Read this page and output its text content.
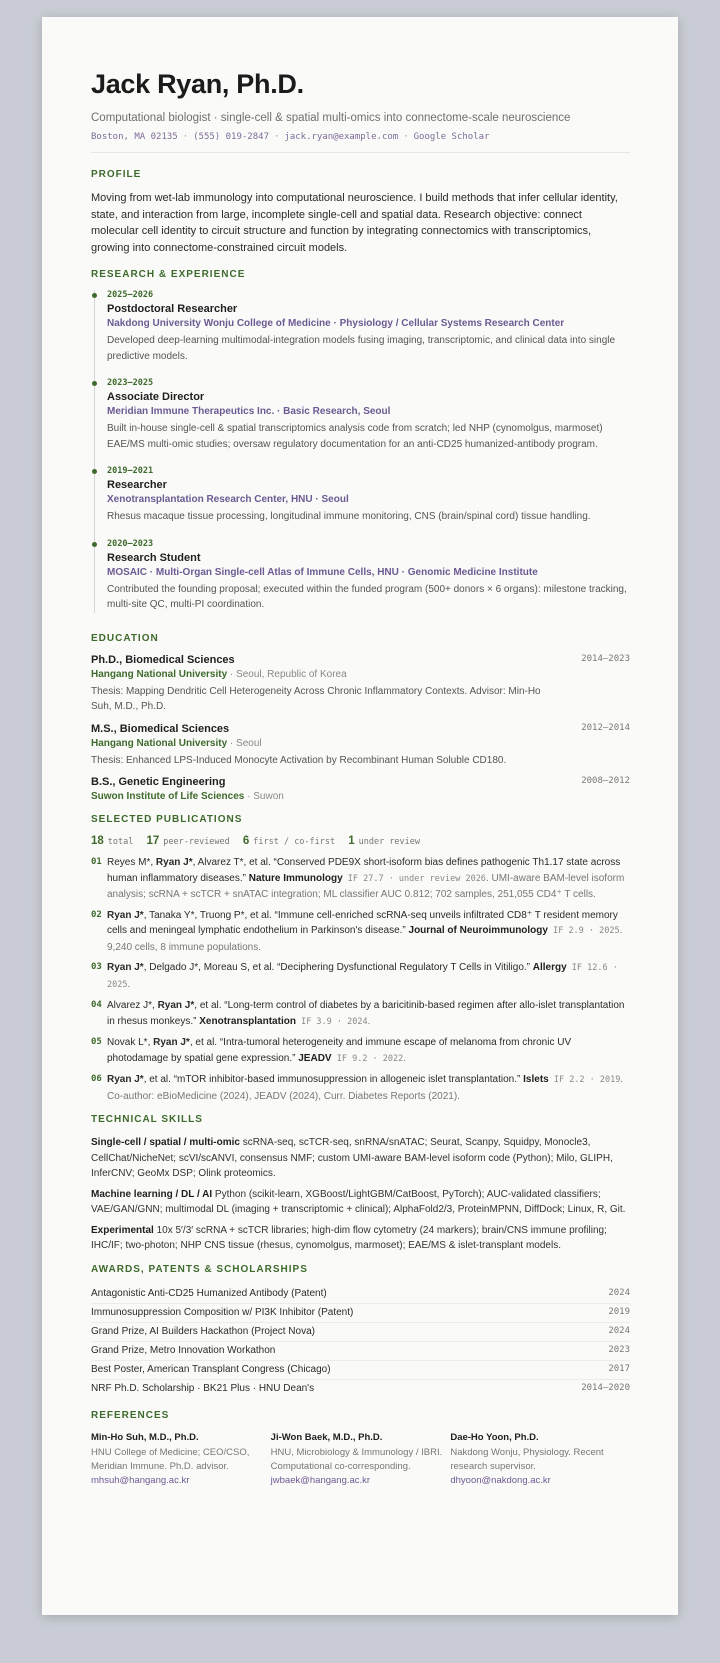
Jack Ryan, Ph.D.
Computational biologist · single-cell & spatial multi-omics into connectome-scale neuroscience
Boston, MA 02135 · (555) 019-2847 · jack.ryan@example.com · Google Scholar
PROFILE
Moving from wet-lab immunology into computational neuroscience. I build methods that infer cellular identity, state, and interaction from large, incomplete single-cell and spatial data. Research objective: connect molecular cell identity to circuit structure and function by integrating connectomics with transcriptomics, growing into connectome-constrained circuit models.
RESEARCH & EXPERIENCE
2025–2026
Postdoctoral Researcher
Nakdong University Wonju College of Medicine · Physiology / Cellular Systems Research Center
Developed deep-learning multimodal-integration models fusing imaging, transcriptomic, and clinical data into single predictive models.
2023–2025
Associate Director
Meridian Immune Therapeutics Inc. · Basic Research, Seoul
Built in-house single-cell & spatial transcriptomics analysis code from scratch; led NHP (cynomolgus, marmoset) EAE/MS multi-omic studies; oversaw regulatory documentation for an anti-CD25 humanized-antibody program.
2019–2021
Researcher
Xenotransplantation Research Center, HNU · Seoul
Rhesus macaque tissue processing, longitudinal immune monitoring, CNS (brain/spinal cord) tissue handling.
2020–2023
Research Student
MOSAIC · Multi-Organ Single-cell Atlas of Immune Cells, HNU · Genomic Medicine Institute
Contributed the founding proposal; executed within the funded program (500+ donors × 6 organs): milestone tracking, multi-site QC, multi-PI coordination.
EDUCATION
Ph.D., Biomedical Sciences	2014–2023
Hangang National University · Seoul, Republic of Korea
Thesis: Mapping Dendritic Cell Heterogeneity Across Chronic Inflammatory Contexts. Advisor: Min-Ho Suh, M.D., Ph.D.
M.S., Biomedical Sciences	2012–2014
Hangang National University · Seoul
Thesis: Enhanced LPS-Induced Monocyte Activation by Recombinant Human Soluble CD180.
B.S., Genetic Engineering	2008–2012
Suwon Institute of Life Sciences · Suwon
SELECTED PUBLICATIONS
18 total 17 peer-reviewed 6 first / co-first 1 under review
01 Reyes M*, Ryan J*, Alvarez T*, et al. “Conserved PDE9X short-isoform bias defines pathogenic Th1.17 state across human inflammatory diseases.” Nature Immunology IF 27.7 · under review 2026. UMI-aware BAM-level isoform analysis; scRNA + scTCR + snATAC integration; ML classifier AUC 0.812; 702 samples, 251,055 CD4⁺ T cells.
02 Ryan J*, Tanaka Y*, Truong P*, et al. “Immune cell-enriched scRNA-seq unveils infiltrated CD8⁺ T resident memory cells and meningeal lymphatic endothelium in Parkinson's disease.” Journal of Neuroimmunology IF 2.9 · 2025. 9,240 cells, 8 immune populations.
03 Ryan J*, Delgado J*, Moreau S, et al. “Deciphering Dysfunctional Regulatory T Cells in Vitiligo.” Allergy IF 12.6 · 2025.
04 Alvarez J*, Ryan J*, et al. “Long-term control of diabetes by a baricitinib-based regimen after allo-islet transplantation in rhesus monkeys.” Xenotransplantation IF 3.9 · 2024.
05 Novak L*, Ryan J*, et al. “Intra-tumoral heterogeneity and immune escape of melanoma from chronic UV photodamage by spatial gene expression.” JEADV IF 9.2 · 2022.
06 Ryan J*, et al. “mTOR inhibitor-based immunosuppression in allogeneic islet transplantation.” Islets IF 2.2 · 2019. Co-author: eBioMedicine (2024), JEADV (2024), Curr. Diabetes Reports (2021).
TECHNICAL SKILLS
Single-cell / spatial / multi-omic scRNA-seq, scTCR-seq, snRNA/snATAC; Seurat, Scanpy, Squidpy, Monocle3, CellChat/NicheNet; scVI/scANVI, consensus NMF; custom UMI-aware BAM-level isoform code (Python); Milo, GLIPH, InferCNV; GeoMx DSP; Olink proteomics.
Machine learning / DL / AI Python (scikit-learn, XGBoost/LightGBM/CatBoost, PyTorch); AUC-validated classifiers; VAE/GAN/GNN; multimodal DL (imaging + transcriptomic + clinical); AlphaFold2/3, ProteinMPNN, DiffDock; Linux, R, Git.
Experimental 10x 5′/3′ scRNA + scTCR libraries; high-dim flow cytometry (24 markers); brain/CNS immune profiling; IHC/IF; two-photon; NHP CNS tissue (rhesus, cynomolgus, marmoset); EAE/MS & islet-transplant models.
AWARDS, PATENTS & SCHOLARSHIPS
Antagonistic Anti-CD25 Humanized Antibody (Patent)	2024
Immunosuppression Composition w/ PI3K Inhibitor (Patent)	2019
Grand Prize, AI Builders Hackathon (Project Nova)	2024
Grand Prize, Metro Innovation Workathon	2023
Best Poster, American Transplant Congress (Chicago)	2017
NRF Ph.D. Scholarship · BK21 Plus · HNU Dean's	2014–2020
REFERENCES
Min-Ho Suh, M.D., Ph.D.
HNU College of Medicine; CEO/CSO, Meridian Immune. Ph.D. advisor.
mhsuh@hangang.ac.kr
Ji-Won Baek, M.D., Ph.D.
HNU, Microbiology & Immunology / IBRI. Computational co-corresponding.
jwbaek@hangang.ac.kr
Dae-Ho Yoon, Ph.D.
Nakdong Wonju, Physiology. Recent research supervisor.
dhyoon@nakdong.ac.kr
